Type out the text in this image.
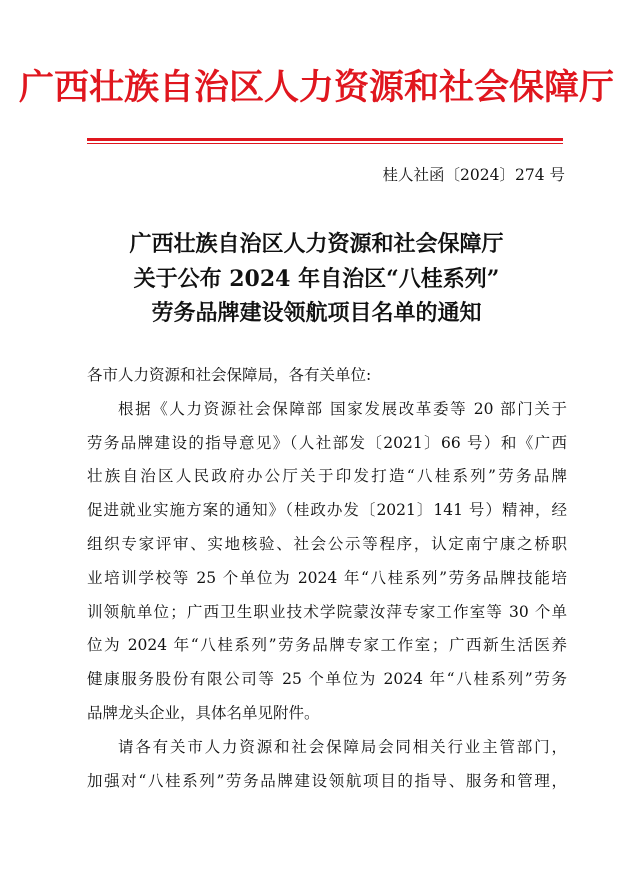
广西壮族自治区人力资源和社会保障厅
桂人社函〔2024〕274 号
广西壮族自治区人力资源和社会保障厅
关于公布 2024 年自治区“八桂系列”
劳务品牌建设领航项目名单的通知

各市人力资源和社会保障局，各有关单位:

根据《人力资源社会保障部 国家发展改革委等 20 部门关于
劳务品牌建设的指导意见》（人社部发〔2021〕66 号）和《广西
壮族自治区人民政府办公厅关于印发打造“八桂系列”劳务品牌
促进就业实施方案的通知》（桂政办发〔2021〕141 号）精神，经
组织专家评审、实地核验、社会公示等程序，认定南宁康之桥职
业培训学校等 25 个单位为 2024 年“八桂系列”劳务品牌技能培
训领航单位；广西卫生职业技术学院蒙汝萍专家工作室等 30 个单
位为 2024 年“八桂系列”劳务品牌专家工作室；广西新生活医养
健康服务股份有限公司等 25 个单位为 2024 年“八桂系列”劳务
品牌龙头企业，具体名单见附件。

请各有关市人力资源和社会保障局会同相关行业主管部门，
加强对“八桂系列”劳务品牌建设领航项目的指导、服务和管理，
